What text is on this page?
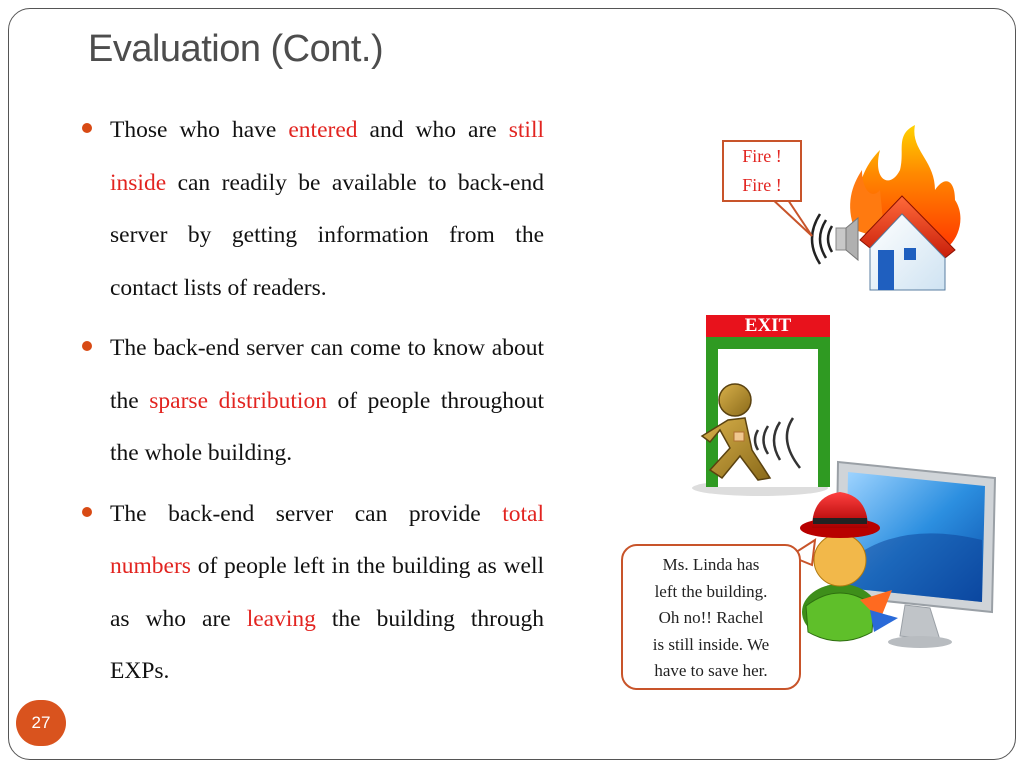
Evaluation (Cont.)

Those who have entered and who are still inside can readily be available to back-end server by getting information from the contact lists of readers.

The back-end server can come to know about the sparse distribution of people throughout the whole building.

The back-end server can provide total numbers of people left in the building as well as who are leaving the building through EXPs.

27
Fire !
Fire !
EXIT
Ms. Linda has
left the building.
Oh no!! Rachel
is still inside. We
have to save her.
